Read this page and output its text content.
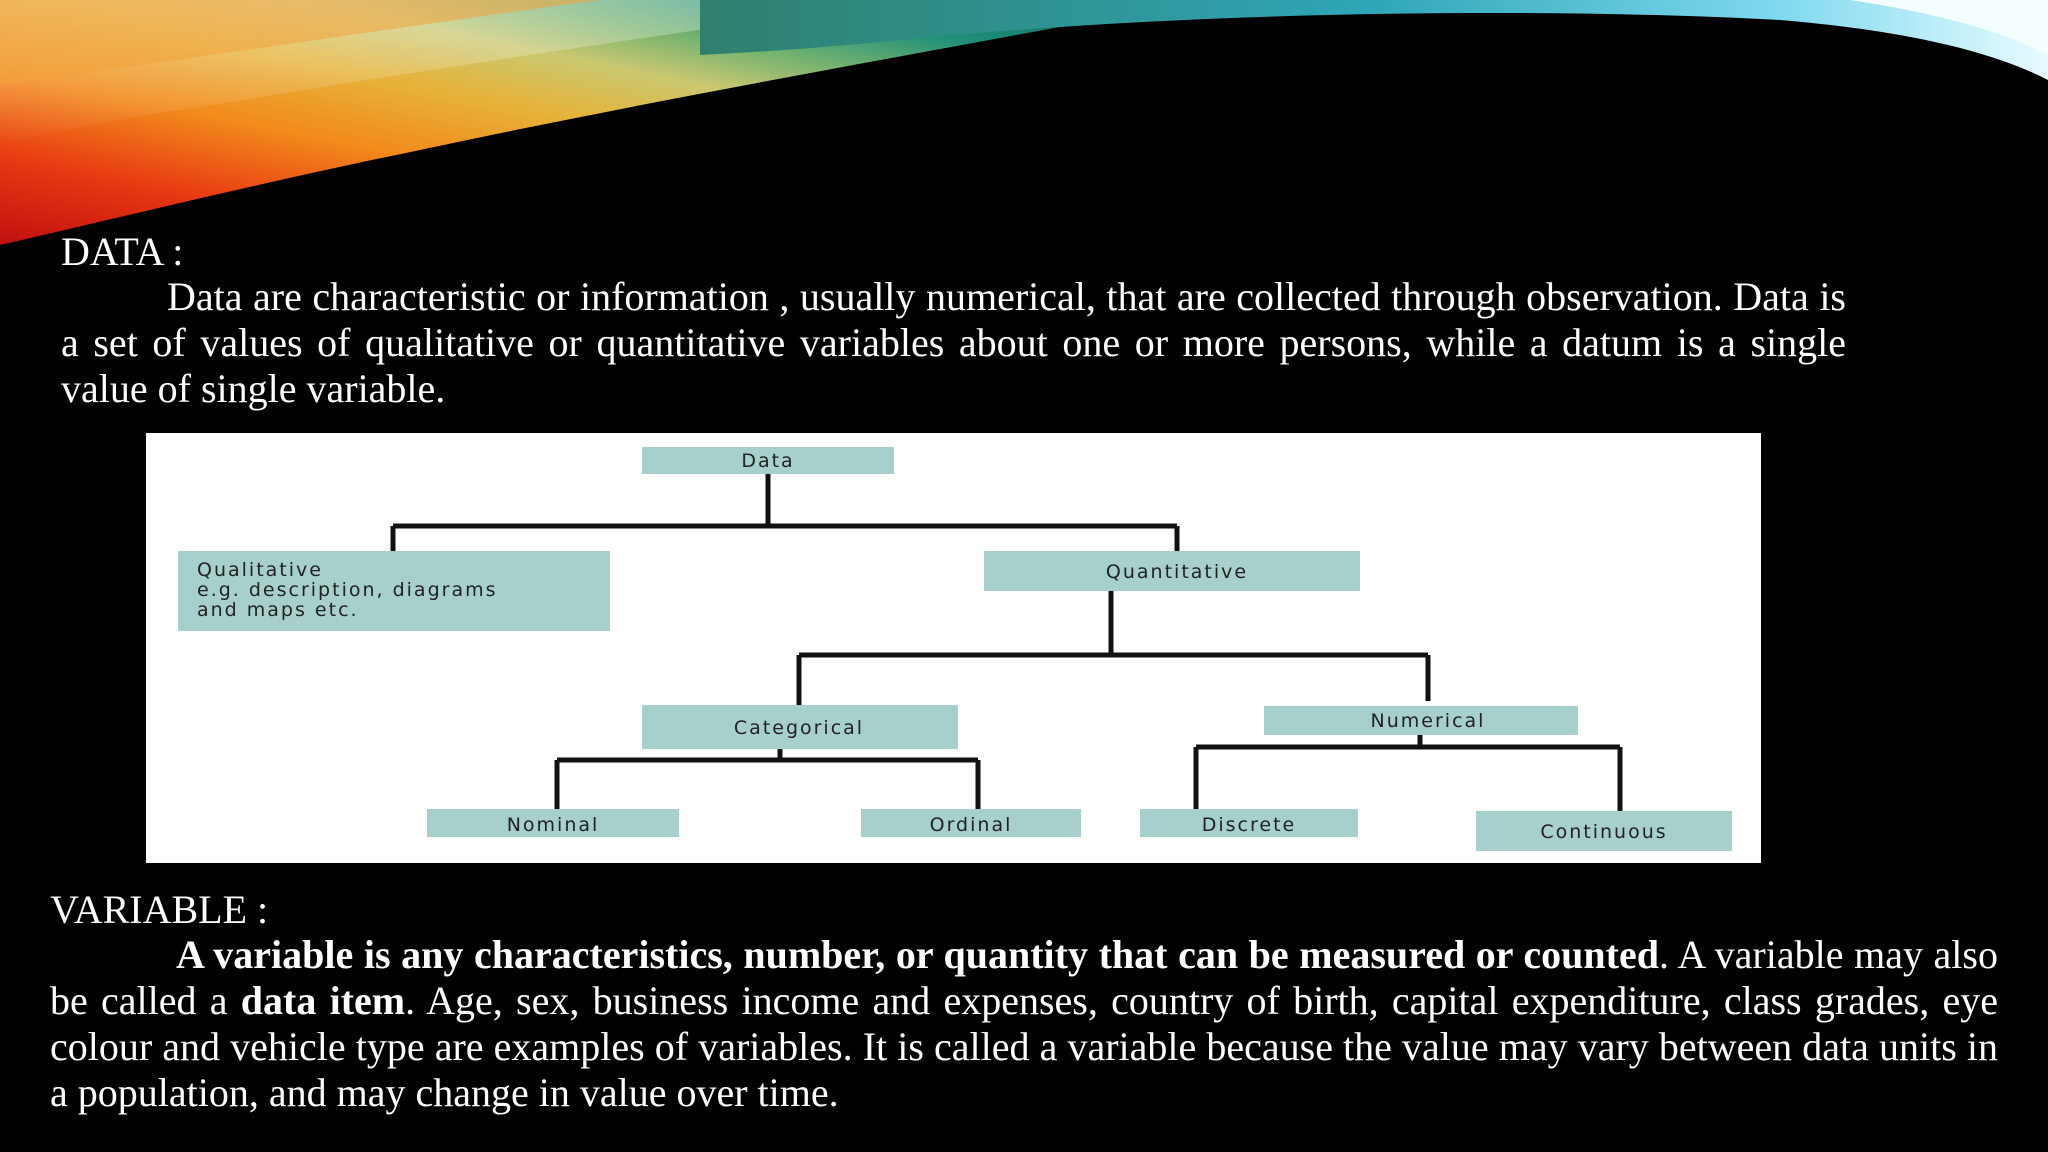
DATA :
Data are characteristic or information , usually numerical, that are collected through observation. Data is a set of values of qualitative or quantitative variables about one or more persons, while a datum is a single value of single variable.
Data
Qualitative
e.g. description, diagrams
and maps etc.
Quantitative
Categorical	Numerical
Nominal	Ordinal	Discrete	Continuous
VARIABLE :
A variable is any characteristics, number, or quantity that can be measured or counted. A variable may also be called a data item. Age, sex, business income and expenses, country of birth, capital expenditure, class grades, eye colour and vehicle type are examples of variables. It is called a variable because the value may vary between data units in a population, and may change in value over time.
